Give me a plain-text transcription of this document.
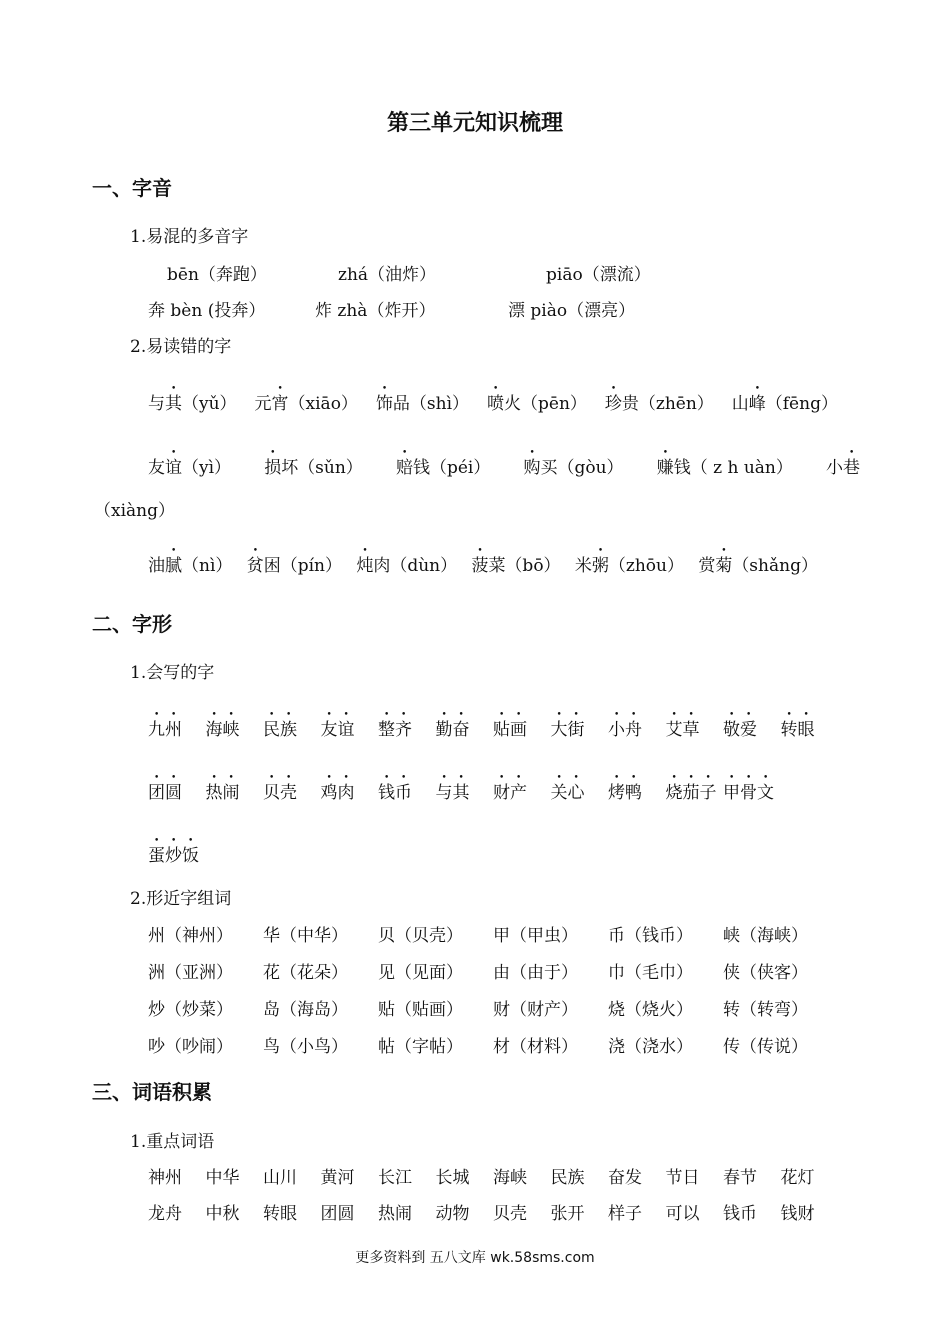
第三单元知识梳理
一、字音
1.易混的多音字
bēn（奔跑）	zhá（油炸）	piāo（漂流）
奔 bèn (投奔）	炸 zhà（炸开）	漂 piào（漂亮）
2.易读错的字
与其（yǔ） 元宵（xiāo） 饰品（shì） 喷火（pēn） 珍贵（zhēn） 山峰（fēng）
友谊（yì） 损坏（sǔn） 赔钱（péi） 购买（gòu） 赚钱（ z h uàn） 小巷
（xiàng）
油腻（nì） 贫困（pín） 炖肉（dùn） 菠菜（bō） 米粥（zhōu） 赏菊（shǎng）
二、字形
1.会写的字
九州	海峡	民族	友谊	整齐	勤奋	贴画	大街	小舟	艾草	敬爱	转眼
团圆	热闹	贝壳	鸡肉	钱币	与其	财产	关心	烤鸭	烧茄子 甲骨文
蛋炒饭
2.形近字组词
州（神州）	华（中华）	贝（贝壳）	甲（甲虫）	币（钱币）	峡（海峡）
洲（亚洲）	花（花朵）	见（见面）	由（由于）	巾（毛巾）	侠（侠客）
炒（炒菜）	岛（海岛）	贴（贴画）	财（财产）	烧（烧火）	转（转弯）
吵（吵闹）	鸟（小鸟）	帖（字帖）	材（材料）	浇（浇水）	传（传说）
三、词语积累
1.重点词语
神州	中华	山川	黄河	长江	长城	海峡	民族	奋发	节日	春节	花灯
龙舟	中秋	转眼	团圆	热闹	动物	贝壳	张开	样子	可以	钱币	钱财
更多资料到 五八文库 wk.58sms.com
